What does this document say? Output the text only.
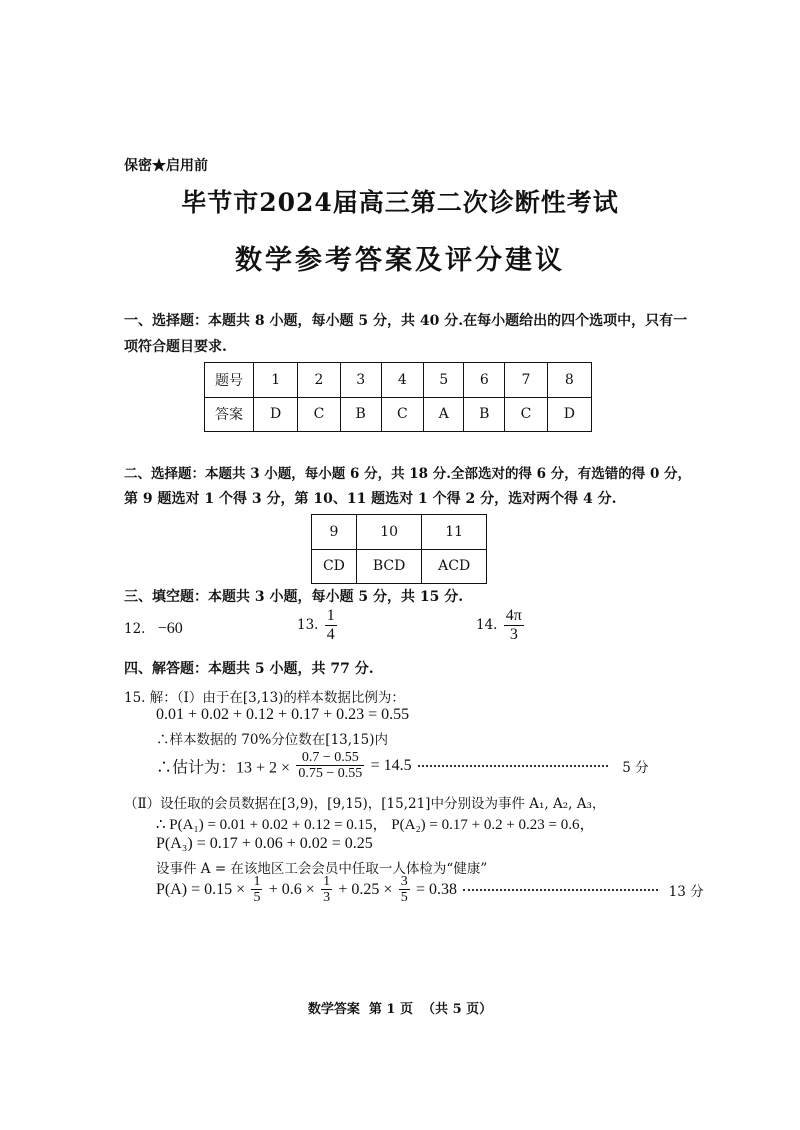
保密★启用前
毕节市2024届高三第二次诊断性考试
数学参考答案及评分建议
一、选择题：本题共 8 小题，每小题 5 分，共 40 分.在每小题给出的四个选项中，只有一
项符合题目要求.
题号	1	2	3	4	5	6	7	8
答案	D	C	B	C	A	B	C	D
二、选择题：本题共 3 小题，每小题 6 分，共 18 分.全部选对的得 6 分，有选错的得 0 分，
第 9 题选对 1 个得 3 分，第 10、11 题选对 1 个得 2 分，选对两个得 4 分.
9	10	11
CD	BCD	ACD
三、填空题：本题共 3 小题，每小题 5 分，共 15 分.
12. −60	13. $\frac{1}{4}$	14. $\frac{4\pi}{3}$
四、解答题：本题共 5 小题，共 77 分.
15. 解：（Ⅰ）由于在[3,13)的样本数据比例为：
0.01 + 0.02 + 0.12 + 0.17 + 0.23 = 0.55
∴样本数据的 70%分位数在[13,15)内
∴估计为：$13 + 2 \times \frac{0.7 - 0.55}{0.75 - 0.55} = 14.5$	5 分
（Ⅱ）设任取的会员数据在[3,9)，[9,15)，[15,21]中分别设为事件 A₁, A₂, A₃，
∴ P(A₁) = 0.01 + 0.02 + 0.12 = 0.15， P(A₂) = 0.17 + 0.2 + 0.23 = 0.6，
P(A₃) = 0.17 + 0.06 + 0.02 = 0.25
设事件 A = 在该地区工会会员中任取一人体检为“健康”
$P(A) = 0.15 \times \frac{1}{5} + 0.6 \times \frac{1}{3} + 0.25 \times \frac{3}{5} = 0.38$	13 分
数学答案  第 1 页  （共 5 页）
